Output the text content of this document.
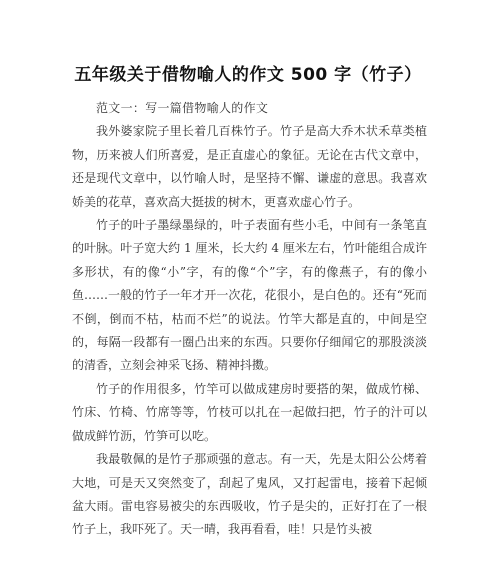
五年级关于借物喻人的作文 500 字（竹子）

范文一：写一篇借物喻人的作文

我外婆家院子里长着几百株竹子。竹子是高大乔木状禾草类植物，历来被人们所喜爱，是正直虚心的象征。无论在古代文章中，还是现代文章中，以竹喻人时，是坚持不懈、谦虚的意思。我喜欢娇美的花草，喜欢高大挺拔的树木，更喜欢虚心竹子。

竹子的叶子墨绿墨绿的，叶子表面有些小毛，中间有一条笔直的叶脉。叶子宽大约 1 厘米，长大约 4 厘米左右，竹叶能组合成许多形状，有的像“小”字，有的像“个”字，有的像燕子，有的像小鱼……一般的竹子一年才开一次花，花很小，是白色的。还有“死而不倒，倒而不枯，枯而不烂”的说法。竹竿大都是直的，中间是空的，每隔一段都有一圈凸出来的东西。只要你仔细闻它的那股淡淡的清香，立刻会神采飞扬、精神抖擞。

竹子的作用很多，竹竿可以做成建房时要搭的架，做成竹梯、竹床、竹椅、竹席等等，竹枝可以扎在一起做扫把，竹子的汁可以做成鲜竹沥，竹笋可以吃。

我最敬佩的是竹子那顽强的意志。有一天，先是太阳公公烤着大地，可是天又突然变了，刮起了鬼风，又打起雷电，接着下起倾盆大雨。雷电容易被尖的东西吸收，竹子是尖的，正好打在了一根竹子上，我吓死了。天一晴，我再看看，哇！只是竹头被
